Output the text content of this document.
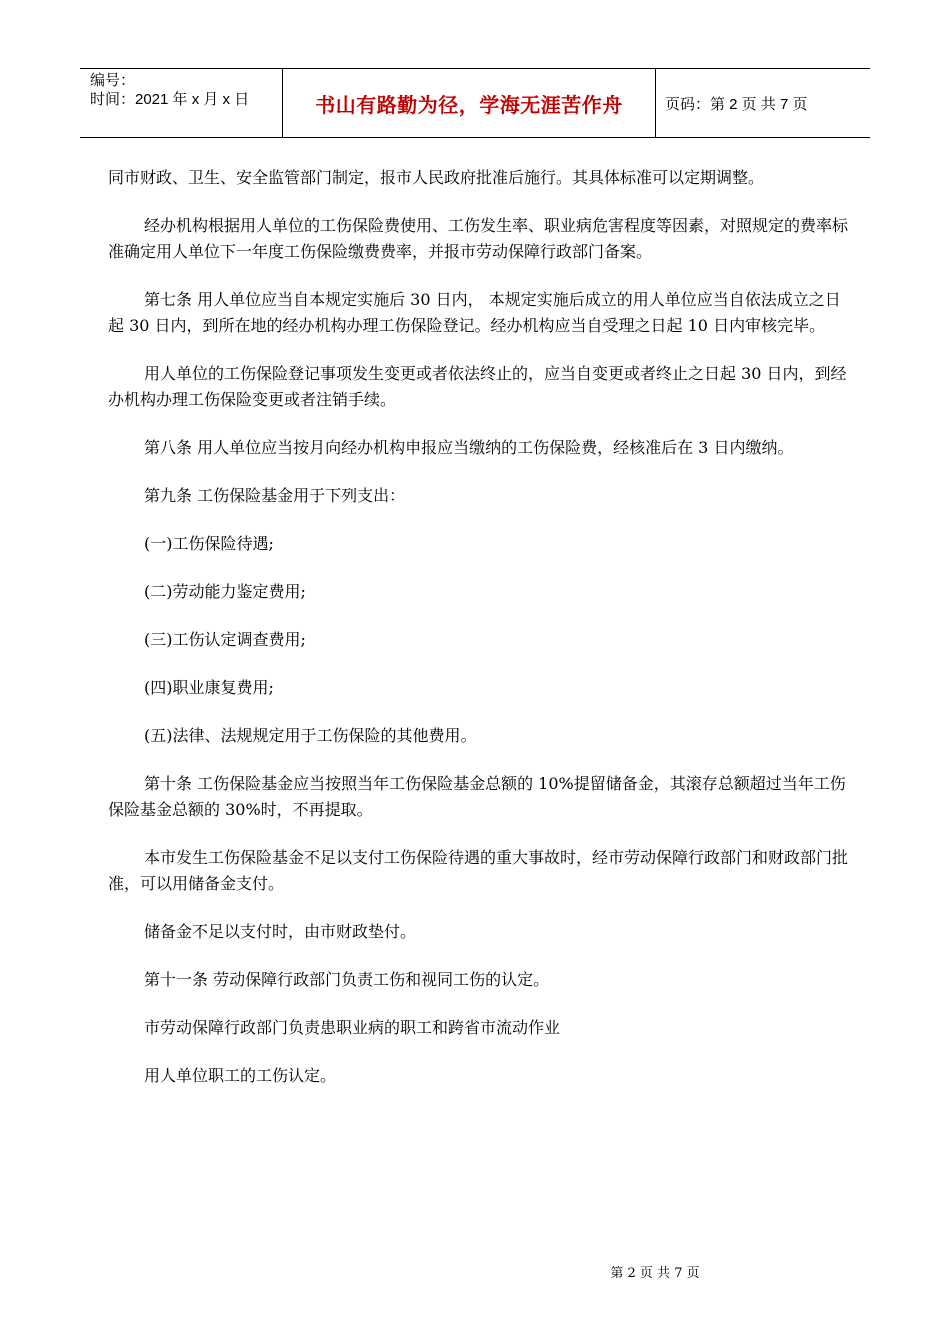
编号：
时间：2021 年 x 月 x 日	书山有路勤为径，学海无涯苦作舟	页码：第 2 页 共 7 页

同市财政、卫生、安全监管部门制定，报市人民政府批准后施行。其具体标准可以定期调整。

经办机构根据用人单位的工伤保险费使用、工伤发生率、职业病危害程度等因素，对照规定的费率标准确定用人单位下一年度工伤保险缴费费率，并报市劳动保障行政部门备案。

第七条 用人单位应当自本规定实施后 30 日内， 本规定实施后成立的用人单位应当自依法成立之日起 30 日内，到所在地的经办机构办理工伤保险登记。经办机构应当自受理之日起 10 日内审核完毕。

用人单位的工伤保险登记事项发生变更或者依法终止的，应当自变更或者终止之日起 30 日内，到经办机构办理工伤保险变更或者注销手续。

第八条 用人单位应当按月向经办机构申报应当缴纳的工伤保险费，经核准后在 3 日内缴纳。

第九条 工伤保险基金用于下列支出：

(一)工伤保险待遇;

(二)劳动能力鉴定费用;

(三)工伤认定调查费用;

(四)职业康复费用;

(五)法律、法规规定用于工伤保险的其他费用。

第十条 工伤保险基金应当按照当年工伤保险基金总额的 10%提留储备金，其滚存总额超过当年工伤保险基金总额的 30%时，不再提取。

本市发生工伤保险基金不足以支付工伤保险待遇的重大事故时，经市劳动保障行政部门和财政部门批准，可以用储备金支付。

储备金不足以支付时，由市财政垫付。

第十一条 劳动保障行政部门负责工伤和视同工伤的认定。

市劳动保障行政部门负责患职业病的职工和跨省市流动作业

用人单位职工的工伤认定。

第 2 页 共 7 页
